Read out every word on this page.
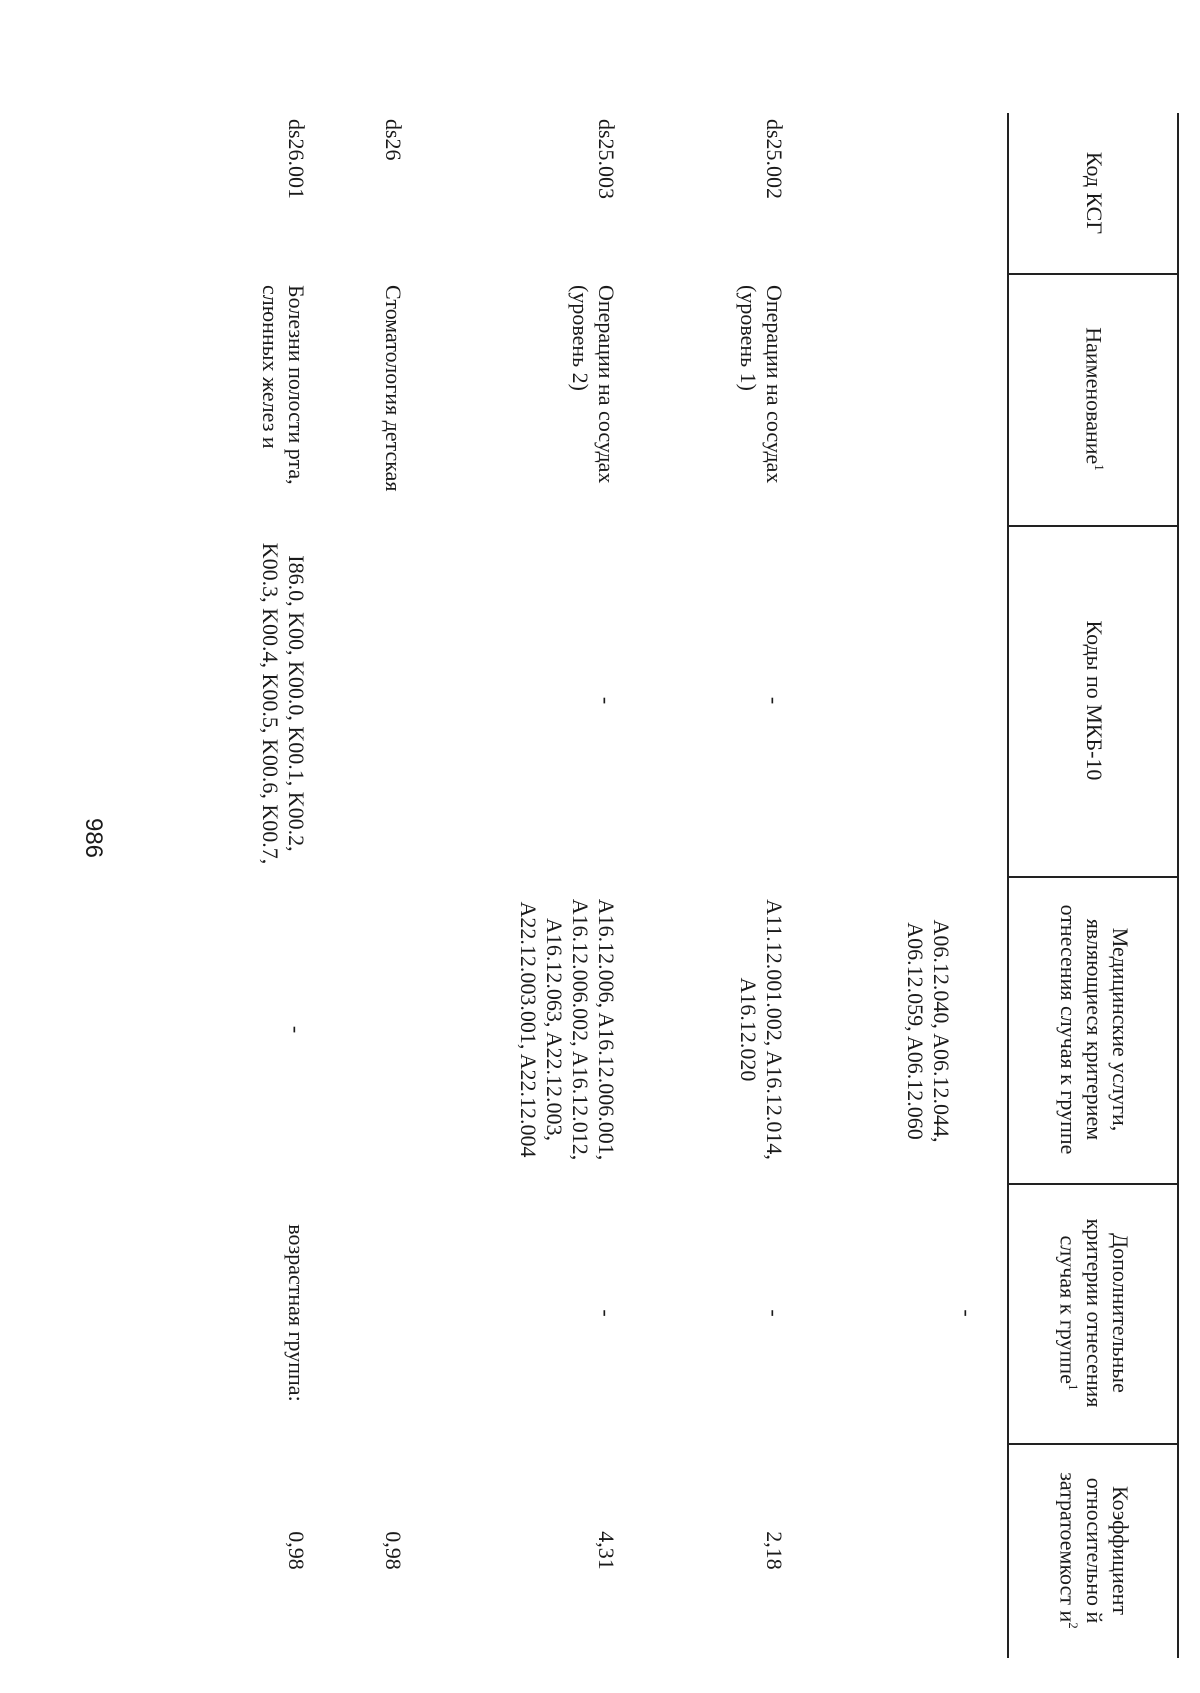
986
Код КСГ
Наименование$^1$
Коды по МКБ-10
Медицинские услуги, являющиеся критерием отнесения случая к группе
Дополнительные критерии отнесения случая к группе$^1$
Коэффициент относительно й затратоемкост $и^2$
A06.12.040, A06.12.044, A06.12.059, A06.12.060
-
ds25.002
Операции на сосудах (уровень 1)
-
A11.12.001.002, A16.12.014, A16.12.020
-
2,18
ds25.003
Операции на сосудах (уровень 2)
-
A16.12.006, A16.12.006.001, A16.12.006.002, A16.12.012, A16.12.063, A22.12.003, A22.12.003.001, A22.12.004
-
4,31
ds26
Стоматология детская
0,98
ds26.001
Болезни полости рта, слюнных желез и
I86.0, K00, K00.0, K00.1, K00.2, K00.3, K00.4, K00.5, K00.6, K00.7,
-
возрастная группа:
0,98
